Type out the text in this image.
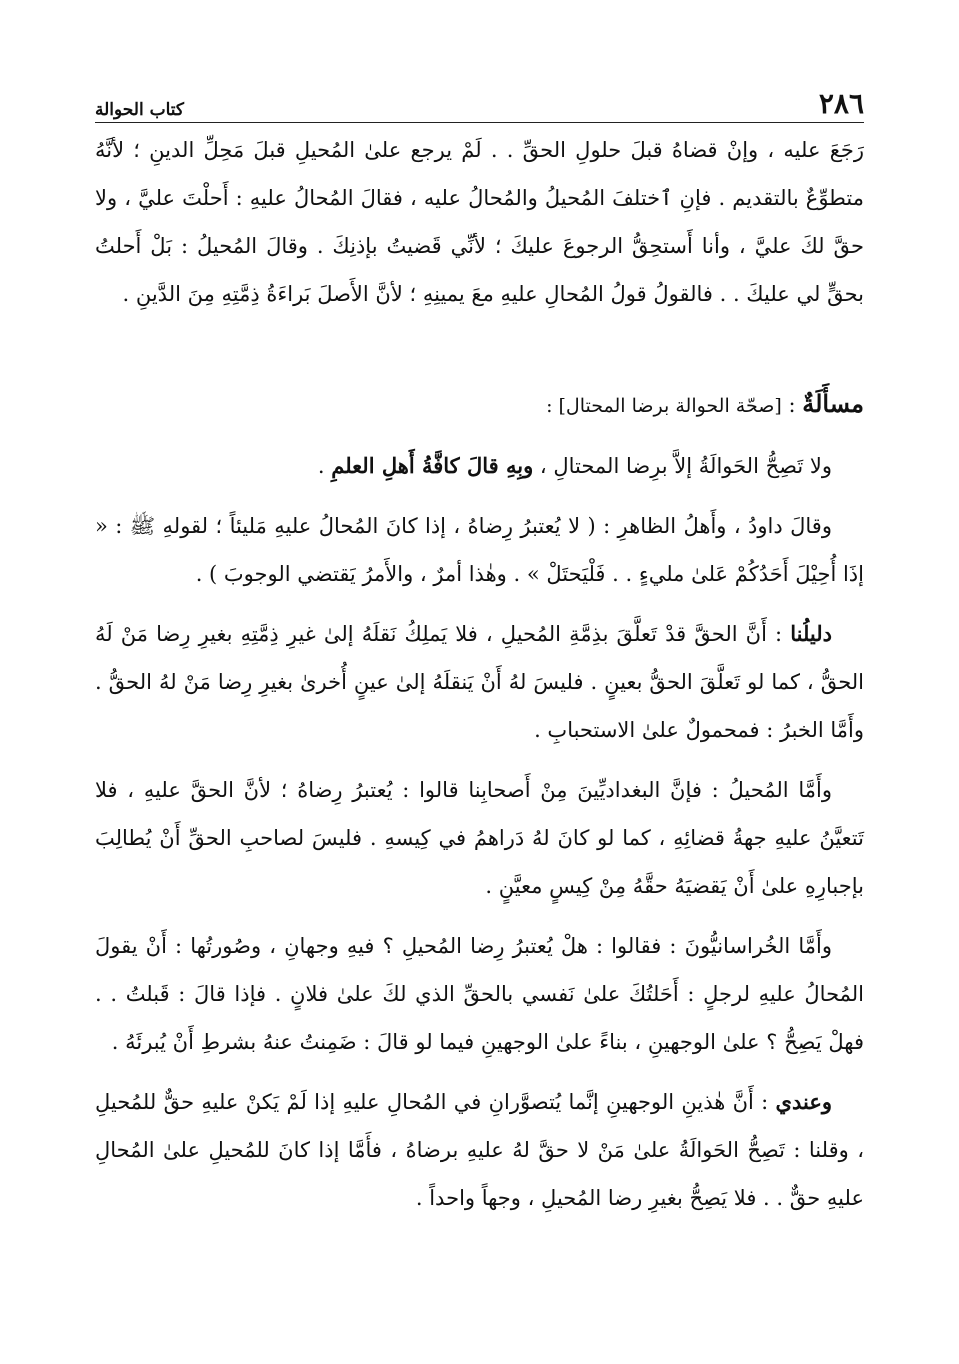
٢٨٦
كتاب الحوالة

رَجَعَ عليه ، وإنْ قضاهُ قبلَ حلولِ الحقِّ . . لَمْ يرجع علىٰ المُحيلِ قبلَ مَحِلِّ الدينِ ؛ لأنَّهُ متطوِّعٌ بالتقديم . فإنِ ٱختلفَ المُحيلُ والمُحالُ عليه ، فقالَ المُحالُ عليهِ : أَحلْتَ عليَّ ، ولا حقَّ لكَ عليَّ ، وأنا أَستحِقُّ الرجوعَ عليكَ ؛ لأنِّي قَضيتُ بإذنِكَ . وقالَ المُحيلُ : بَلْ أَحلتُ بحقٍّ لي عليكَ . . فالقولُ قولُ المُحالِ عليهِ معَ يمينِهِ ؛ لأنَّ الأَصلَ بَراءَةُ ذِمَّتِهِ مِنَ الدَّينِ .

مسأَلَةٌ : [صحّة الحوالة برضا المحتال] :

ولا تَصِحُّ الحَوالَةُ إلاَّ برِضا المحتالِ ، وبِهِ قالَ كافَّةُ أَهلِ العلمِ .

وقالَ داودُ ، وأَهلُ الظاهرِ : ( لا يُعتبرُ رِضاهُ ، إذا كانَ المُحالُ عليهِ مَليئاً ؛ لقولهِ ﷺ : « إذَا أُحِيْلَ أَحَدُكُمْ عَلىٰ مليءٍ . . فَلْيَحتَلْ » . وهٰذا أمرٌ ، والأَمرُ يَقتضي الوجوبَ ) .

دليلُنا : أَنَّ الحقَّ قدْ تَعلَّقَ بذِمَّةِ المُحيلِ ، فلا يَملِكُ نَقلَهُ إلىٰ غيرِ ذِمَّتِهِ بغيرِ رِضا مَنْ لَهُ الحقُّ ، كما لو تَعلَّقَ الحقُّ بعينٍ . فليسَ لهُ أَنْ يَنقلَهُ إلىٰ عينٍ أُخرىٰ بغيرِ رِضا مَنْ لهُ الحقُّ . وأَمَّا الخبرُ : فمحمولٌ علىٰ الاستحبابِ .

وأَمَّا المُحيلُ : فإنَّ البغداديِّينَ مِنْ أَصحابِنا قالوا : يُعتبرُ رِضاهُ ؛ لأنَّ الحقَّ عليهِ ، فلا تَتعيَّنُ عليهِ جهةُ قضائِهِ ، كما لو كانَ لهُ دَراهمُ في كِيسهِ . فليسَ لصاحبِ الحقِّ أَنْ يُطالِبَ بإجبارِهِ علىٰ أَنْ يَقضيَهُ حقَّهُ مِنْ كِيسٍ معيَّنٍ .

وأَمَّا الخُراسانيُّونَ : فقالوا : هلْ يُعتبرُ رِضا المُحيلِ ؟ فيهِ وجهانِ ، وصُورتُها : أَنْ يقولَ المُحالُ عليهِ لرجلٍ : أَحَلتُكَ علىٰ نَفسي بالحقِّ الذي لكَ علىٰ فلانٍ . فإذا قالَ : قَبلتُ . . فهلْ يَصِحُّ ؟ علىٰ الوجهينِ ، بناءً علىٰ الوجهينِ فيما لو قالَ : ضَمِنتُ عنهُ بشرطِ أَنْ يُبرئَهُ .

وعندي : أَنَّ هٰذينِ الوجهينِ إنَّما يُتصوَّرانِ في المُحالِ عليهِ إذا لَمْ يَكنْ عليهِ حقٌّ للمُحيلِ ، وقلنا : تَصِحُّ الحَوالَةُ علىٰ مَنْ لا حقَّ لهُ عليهِ برضاهُ ، فأَمَّا إذا كانَ للمُحيلِ علىٰ المُحالِ عليهِ حقٌّ . . فلا يَصِحُّ بغيرِ رضا المُحيلِ ، وجهاً واحداً .
